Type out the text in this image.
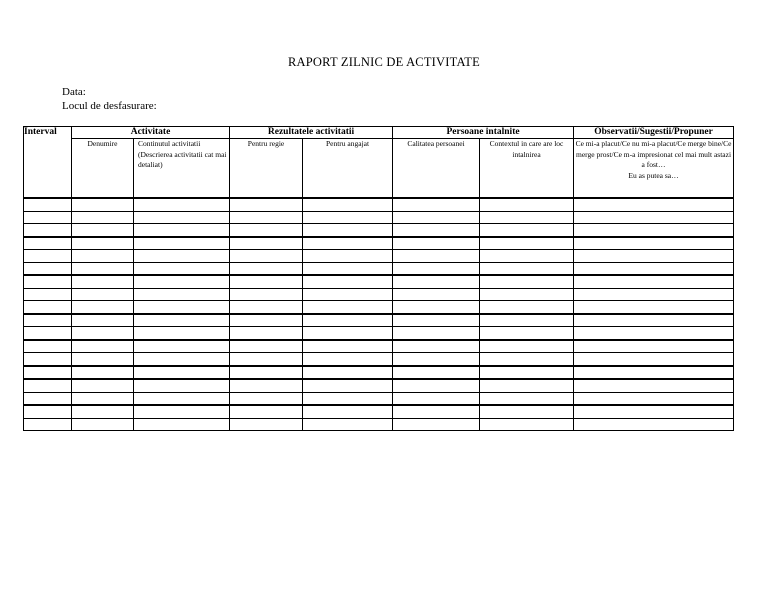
RAPORT ZILNIC DE ACTIVITATE
Data:
Locul de desfasurare:
Interval	Activitate		Rezultatele activitatii		Persoane intalnite		Observatii/Sugestii/Propuner
	Denumire	Continutul activitatii (Descrierea activitatii cat mai detaliat)	Pentru regie	Pentru angajat	Calitatea persoanei	Contextul in care are loc intalnirea	Ce mi-a placut/Ce nu mi-a placut/Ce merge bine/Ce merge prost/Ce m-a impresionat cel mai mult astazi a fost…
Eu as putea sa…
